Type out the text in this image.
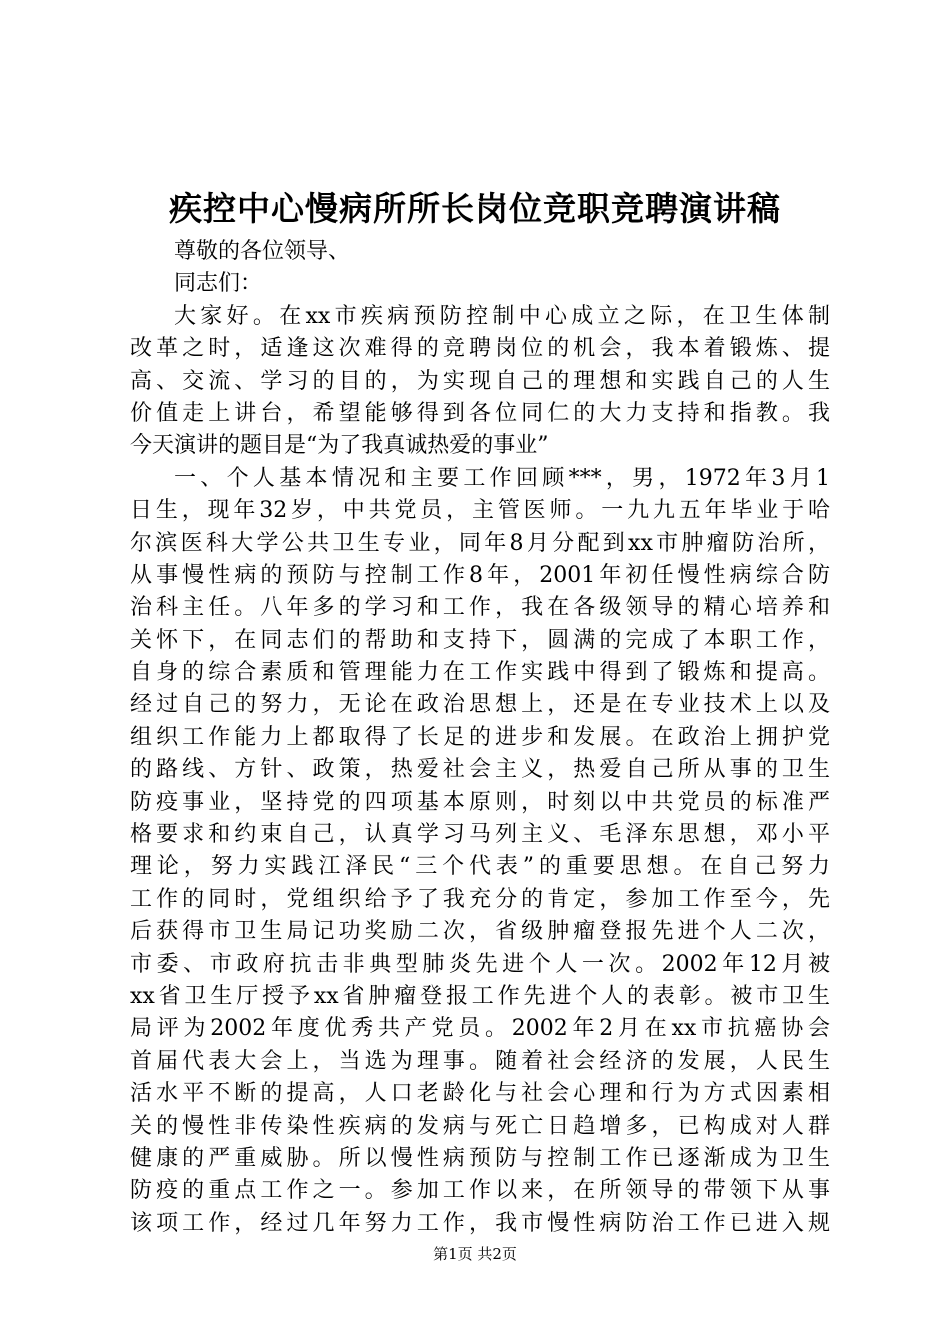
疾控中心慢病所所长岗位竞职竞聘演讲稿
尊敬的各位领导、
同志们：
大家好。在xx市疾病预防控制中心成立之际，在卫生体制
改革之时，适逢这次难得的竞聘岗位的机会，我本着锻炼、提
高、交流、学习的目的，为实现自己的理想和实践自己的人生
价值走上讲台，希望能够得到各位同仁的大力支持和指教。我
今天演讲的题目是“为了我真诚热爱的事业”
一、个人基本情况和主要工作回顾***，男，1972年3月1
日生，现年32岁，中共党员，主管医师。一九九五年毕业于哈
尔滨医科大学公共卫生专业，同年8月分配到xx市肿瘤防治所，
从事慢性病的预防与控制工作8年，2001年初任慢性病综合防
治科主任。八年多的学习和工作，我在各级领导的精心培养和
关怀下，在同志们的帮助和支持下，圆满的完成了本职工作，
自身的综合素质和管理能力在工作实践中得到了锻炼和提高。
经过自己的努力，无论在政治思想上，还是在专业技术上以及
组织工作能力上都取得了长足的进步和发展。在政治上拥护党
的路线、方针、政策，热爱社会主义，热爱自己所从事的卫生
防疫事业，坚持党的四项基本原则，时刻以中共党员的标准严
格要求和约束自己，认真学习马列主义、毛泽东思想，邓小平
理论，努力实践江泽民“三个代表”的重要思想。在自己努力
工作的同时，党组织给予了我充分的肯定，参加工作至今，先
后获得市卫生局记功奖励二次，省级肿瘤登报先进个人二次，
市委、市政府抗击非典型肺炎先进个人一次。2002年12月被
xx省卫生厅授予xx省肿瘤登报工作先进个人的表彰。被市卫生
局评为2002年度优秀共产党员。2002年2月在xx市抗癌协会
首届代表大会上，当选为理事。随着社会经济的发展，人民生
活水平不断的提高，人口老龄化与社会心理和行为方式因素相
关的慢性非传染性疾病的发病与死亡日趋增多，已构成对人群
健康的严重威胁。所以慢性病预防与控制工作已逐渐成为卫生
防疫的重点工作之一。参加工作以来，在所领导的带领下从事
该项工作，经过几年努力工作，我市慢性病防治工作已进入规
第1页 共2页
